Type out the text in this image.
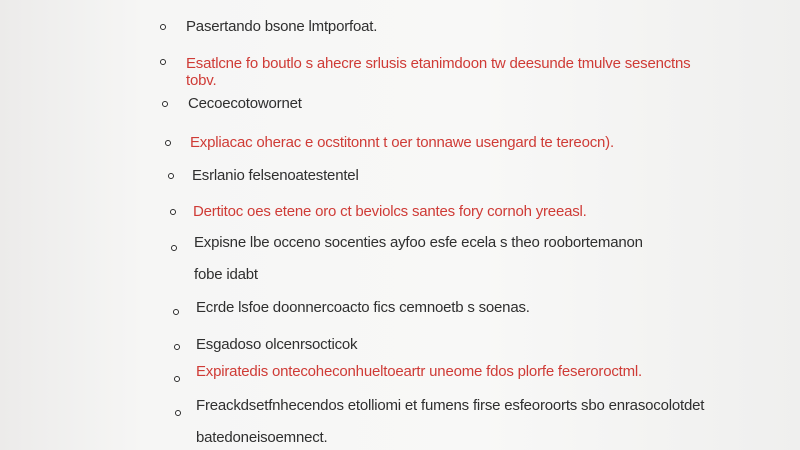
Pasertando bsone lmtporfoat.
Esatlcne fo boutlo s ahecre srlusis etanimdoon tw deesunde tmulve sesenctns
tobv.
Cecoecotowornet
Expliacac oherac e ocstitonnt t oer tonnawe usengard te tereocn).
Esrlanio felsenoatestentel
Dertitoc oes etene oro ct beviolcs santes fory cornoh yreeasl.
Expisne lbe occeno socenties ayfoo esfe ecela s theo roobortemanon
fobe idabt
Ecrde lsfoe doonnercoacto fics cemnoetb s soenas.
Esgadoso olcenrsocticok
Expiratedis ontecoheconhueltoeartr uneome fdos plorfe feseroroctml.
Freackdsetfnhecendos etolliomi et fumens firse esfeoroorts sbo enrasocolotdet
batedoneisoemnect.
